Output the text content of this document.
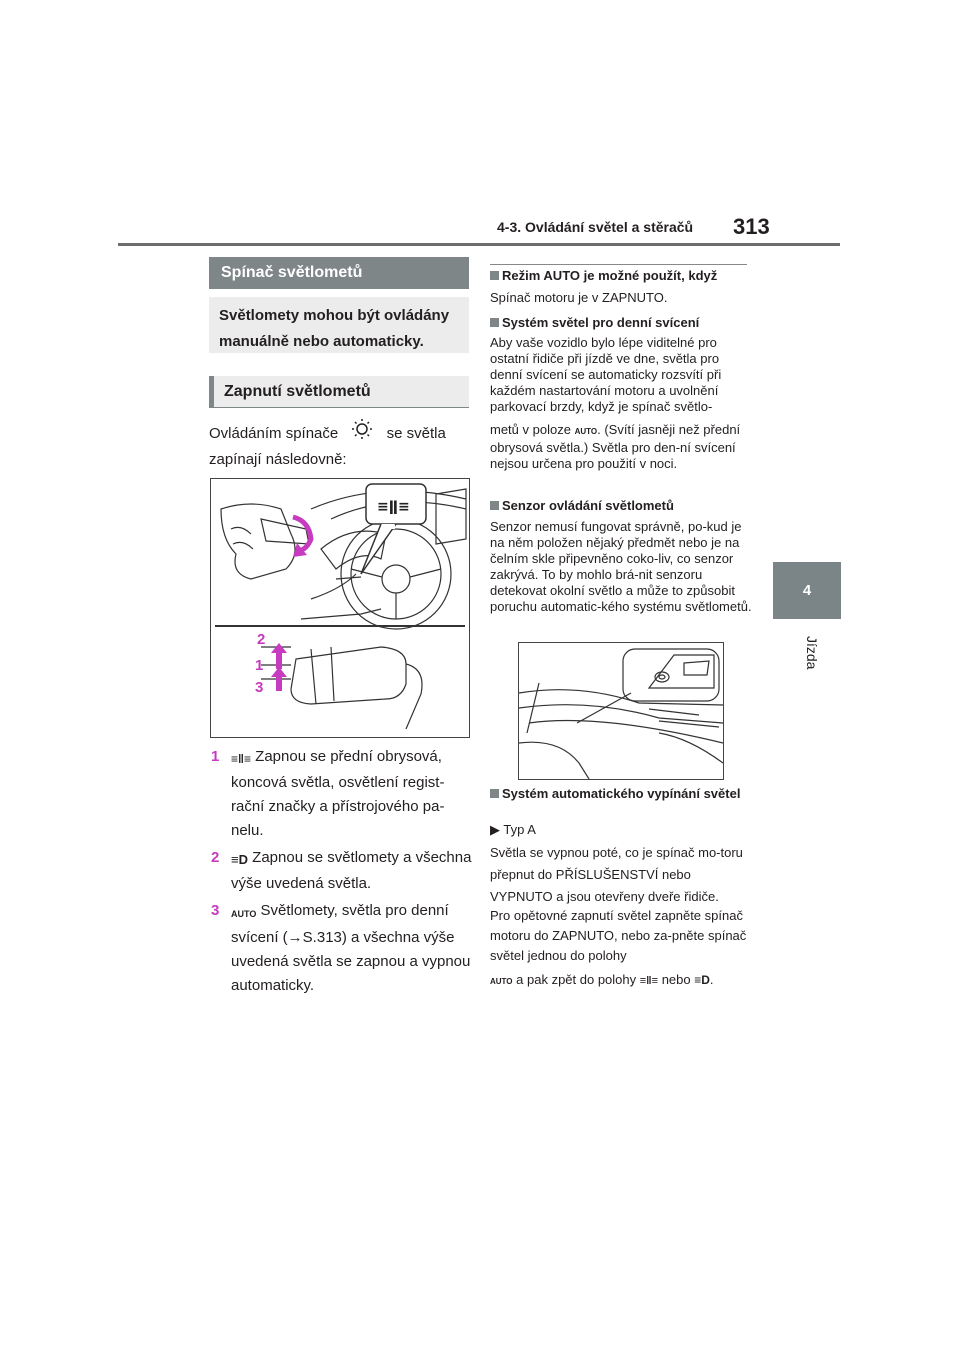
4-3. Ovládání světel a stěračů 313
4
Jízda
Spínač světlometů
Světlomety mohou být ovládány manuálně nebo automaticky.
Zapnutí světlometů
Ovládáním spínače	se světla
zapínají následovně:
≡ǁ≡
2
1
3
1 ≡ǁ≡ Zapnou se přední obrysová, koncová světla, osvětlení regist-rační značky a přístrojového pa-nelu.
2 ≡D Zapnou se světlomety a všechna výše uvedená světla.
3	AUTO Světlomety, světla pro denní svícení (→S.313) a všechna výše uvedená světla se zapnou a vypnou automaticky.
Režim AUTO je možné použít, když
Spínač motoru je v ZAPNUTO.
Systém světel pro denní svícení
Aby vaše vozidlo bylo lépe viditelné pro ostatní řidiče při jízdě ve dne, světla pro denní svícení se automaticky rozsvítí při každém nastartování motoru a uvolnění parkovací brzdy, když je spínač světlo-
metů v poloze AUTO. (Svítí jasněji než přední obrysová světla.) Světla pro den-ní svícení nejsou určena pro použití v noci.
Senzor ovládání světlometů
Senzor nemusí fungovat správně, po-kud je na něm položen nějaký předmět nebo je na čelním skle připevněno coko-liv, co senzor zakrývá. To by mohlo brá-nit senzoru detekovat okolní světlo a může to způsobit poruchu automatic-kého systému světlometů.
Systém automatického vypínání světel
▶ Typ A
Světla se vypnou poté, co je spínač mo-toru přepnut do PŘÍSLUŠENSTVÍ nebo VYPNUTO a jsou otevřeny dveře řidiče.
Pro opětovné zapnutí světel zapněte spínač motoru do ZAPNUTO, nebo za-pněte spínač světel jednou do polohy
AUTO a pak zpět do polohy ≡ǁ≡ nebo ≡D.
